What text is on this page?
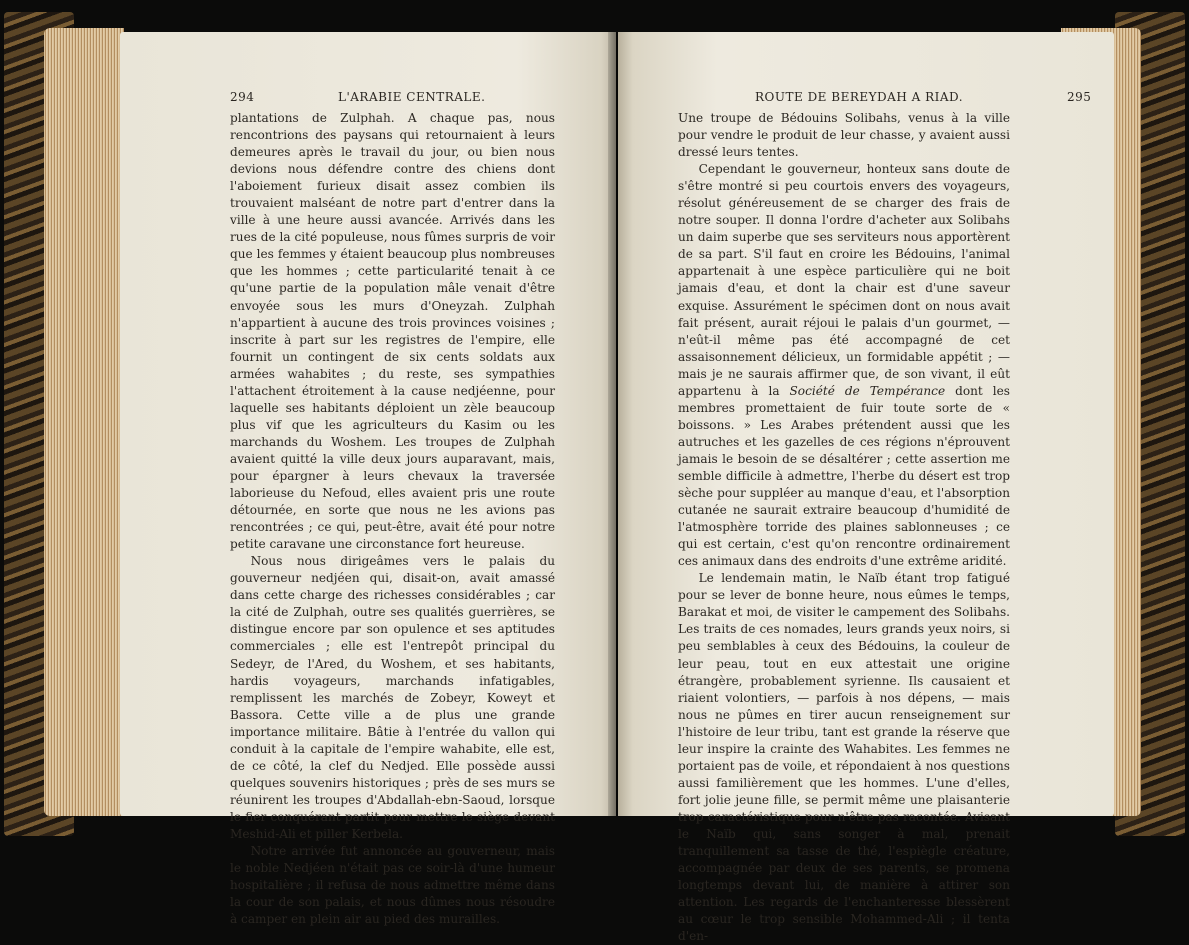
294	L'ARABIE CENTRALE.

plantations de Zulphah. A chaque pas, nous rencontrions des paysans qui retournaient à leurs demeures après le travail du jour, ou bien nous devions nous défendre contre des chiens dont l'aboiement furieux disait assez combien ils trouvaient malséant de notre part d'entrer dans la ville à une heure aussi avancée. Arrivés dans les rues de la cité populeuse, nous fûmes surpris de voir que les femmes y étaient beaucoup plus nombreuses que les hommes ; cette particularité tenait à ce qu'une partie de la population mâle venait d'être envoyée sous les murs d'Oneyzah. Zulphah n'appartient à aucune des trois provinces voisines ; inscrite à part sur les registres de l'empire, elle fournit un contingent de six cents soldats aux armées wahabites ; du reste, ses sympathies l'attachent étroitement à la cause nedjéenne, pour laquelle ses habitants déploient un zèle beaucoup plus vif que les agriculteurs du Kasim ou les marchands du Woshem. Les troupes de Zulphah avaient quitté la ville deux jours auparavant, mais, pour épargner à leurs chevaux la traversée laborieuse du Nefoud, elles avaient pris une route détournée, en sorte que nous ne les avions pas rencontrées ; ce qui, peut-être, avait été pour notre petite caravane une circonstance fort heureuse.

Nous nous dirigeâmes vers le palais du gouverneur nedjéen qui, disait-on, avait amassé dans cette charge des richesses considérables ; car la cité de Zulphah, outre ses qualités guerrières, se distingue encore par son opulence et ses aptitudes commerciales ; elle est l'entrepôt principal du Sedeyr, de l'Ared, du Woshem, et ses habitants, hardis voyageurs, marchands infatigables, remplissent les marchés de Zobeyr, Koweyt et Bassora. Cette ville a de plus une grande importance militaire. Bâtie à l'entrée du vallon qui conduit à la capitale de l'empire wahabite, elle est, de ce côté, la clef du Nedjed. Elle possède aussi quelques souvenirs historiques ; près de ses murs se réunirent les troupes d'Abdallah-ebn-Saoud, lorsque le fier conquérant partit pour mettre le siège devant Meshid-Ali et piller Kerbela.

Notre arrivée fut annoncée au gouverneur, mais le noble Nedjéen n'était pas ce soir-là d'une humeur hospitalière ; il refusa de nous admettre même dans la cour de son palais, et nous dûmes nous résoudre à camper en plein air au pied des murailles.

ROUTE DE BEREYDAH A RIAD.	295

Une troupe de Bédouins Solibahs, venus à la ville pour vendre le produit de leur chasse, y avaient aussi dressé leurs tentes.

Cependant le gouverneur, honteux sans doute de s'être montré si peu courtois envers des voyageurs, résolut généreusement de se charger des frais de notre souper. Il donna l'ordre d'acheter aux Solibahs un daim superbe que ses serviteurs nous apportèrent de sa part. S'il faut en croire les Bédouins, l'animal appartenait à une espèce particulière qui ne boit jamais d'eau, et dont la chair est d'une saveur exquise. Assurément le spécimen dont on nous avait fait présent, aurait réjoui le palais d'un gourmet, — n'eût-il même pas été accompagné de cet assaisonnement délicieux, un formidable appétit ; — mais je ne saurais affirmer que, de son vivant, il eût appartenu à la Société de Tempérance dont les membres promettaient de fuir toute sorte de « boissons. » Les Arabes prétendent aussi que les autruches et les gazelles de ces régions n'éprouvent jamais le besoin de se désaltérer ; cette assertion me semble difficile à admettre, l'herbe du désert est trop sèche pour suppléer au manque d'eau, et l'absorption cutanée ne saurait extraire beaucoup d'humidité de l'atmosphère torride des plaines sablonneuses ; ce qui est certain, c'est qu'on rencontre ordinairement ces animaux dans des endroits d'une extrême aridité.

Le lendemain matin, le Naïb étant trop fatigué pour se lever de bonne heure, nous eûmes le temps, Barakat et moi, de visiter le campement des Solibahs. Les traits de ces nomades, leurs grands yeux noirs, si peu semblables à ceux des Bédouins, la couleur de leur peau, tout en eux attestait une origine étrangère, probablement syrienne. Ils causaient et riaient volontiers, — parfois à nos dépens, — mais nous ne pûmes en tirer aucun renseignement sur l'histoire de leur tribu, tant est grande la réserve que leur inspire la crainte des Wahabites. Les femmes ne portaient pas de voile, et répondaient à nos questions aussi familièrement que les hommes. L'une d'elles, fort jolie jeune fille, se permit même une plaisanterie trop caractéristique pour n'être pas racontée. Avisant le Naïb qui, sans songer à mal, prenait tranquillement sa tasse de thé, l'espiègle créature, accompagnée par deux de ses parents, se promena longtemps devant lui, de manière à attirer son attention. Les regards de l'enchanteresse blessèrent au cœur le trop sensible Mohammed-Ali ; il tenta d'en-
